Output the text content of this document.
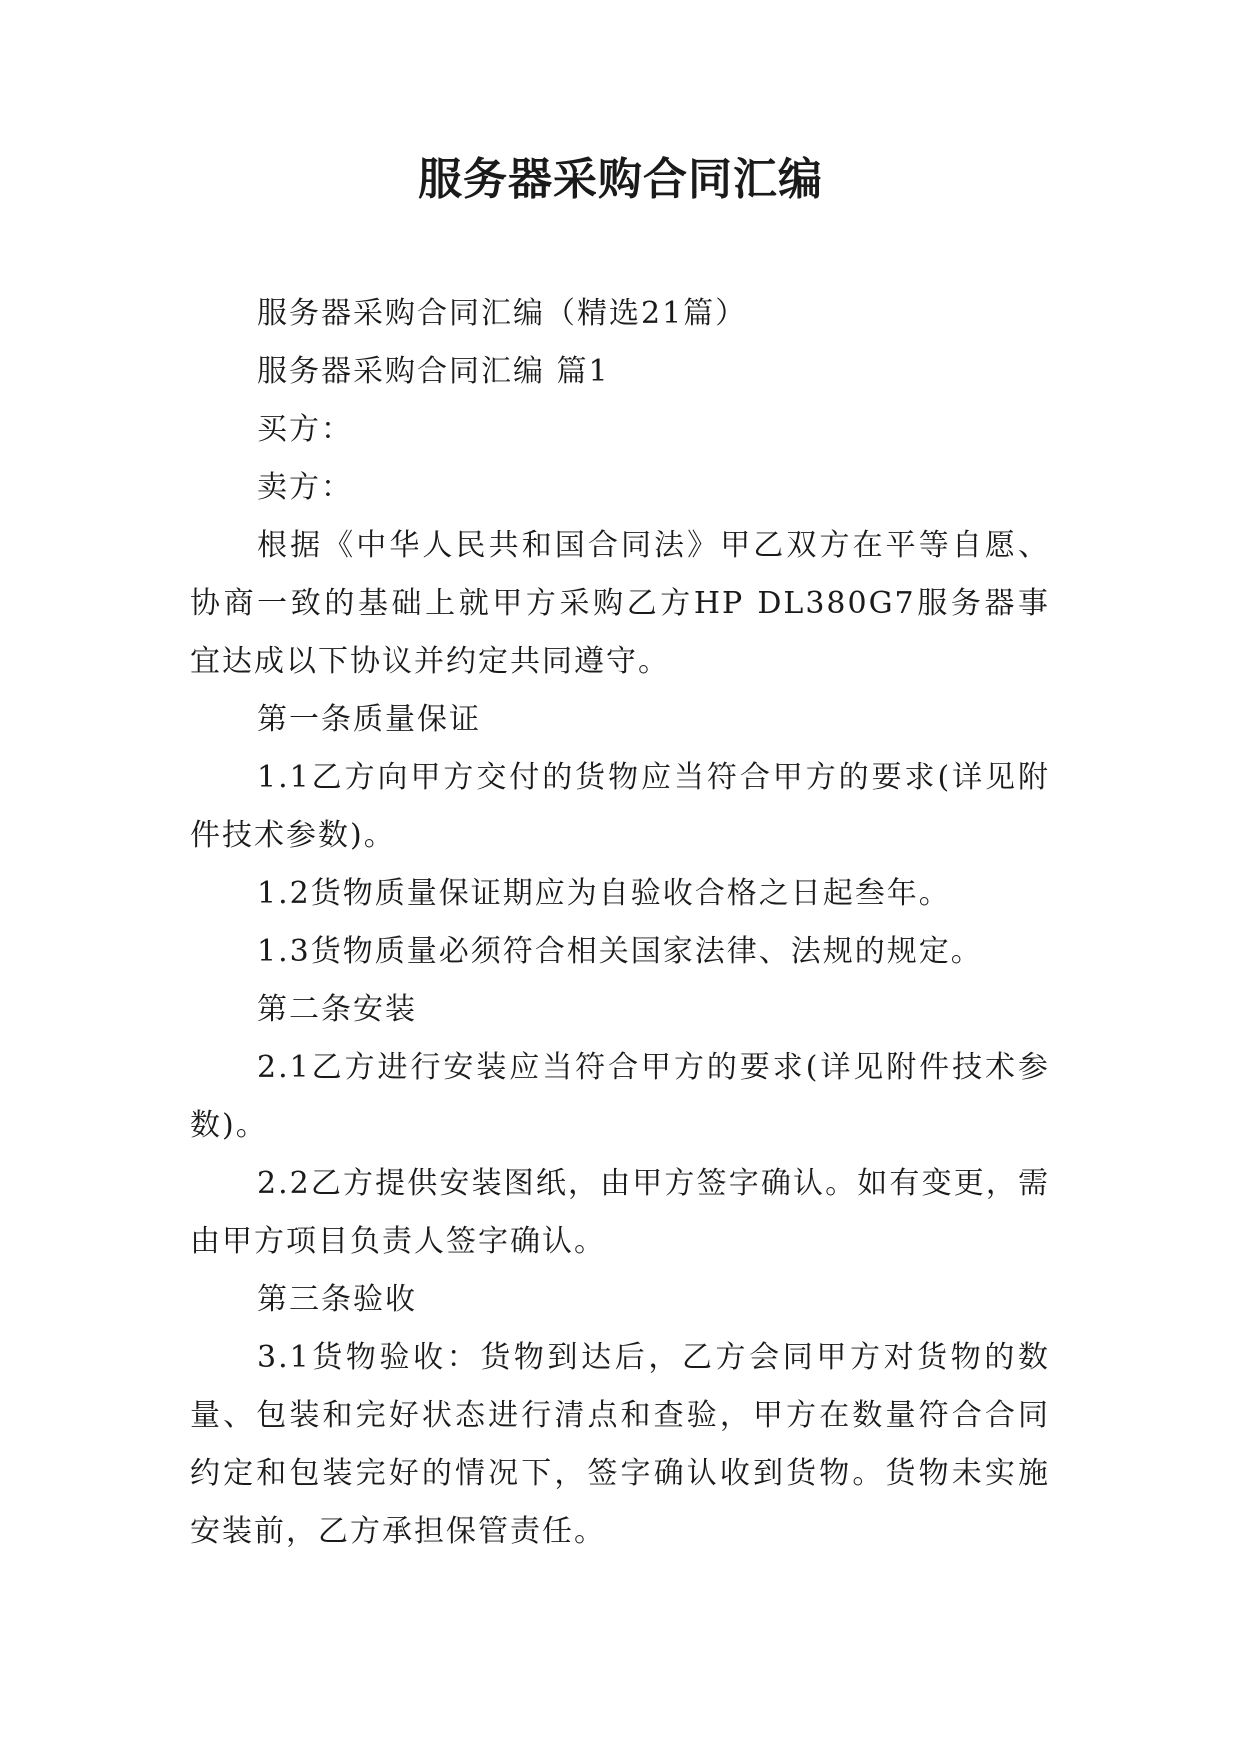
服务器采购合同汇编

服务器采购合同汇编（精选21篇）

服务器采购合同汇编 篇1

买方：

卖方：

根据《中华人民共和国合同法》甲乙双方在平等自愿、协商一致的基础上就甲方采购乙方HP DL380G7服务器事宜达成以下协议并约定共同遵守。

第一条质量保证

1.1乙方向甲方交付的货物应当符合甲方的要求(详见附件技术参数)。

1.2货物质量保证期应为自验收合格之日起叁年。

1.3货物质量必须符合相关国家法律、法规的规定。

第二条安装

2.1乙方进行安装应当符合甲方的要求(详见附件技术参数)。

2.2乙方提供安装图纸，由甲方签字确认。如有变更，需由甲方项目负责人签字确认。

第三条验收

3.1货物验收：货物到达后，乙方会同甲方对货物的数量、包装和完好状态进行清点和查验，甲方在数量符合合同约定和包装完好的情况下，签字确认收到货物。货物未实施安装前，乙方承担保管责任。
